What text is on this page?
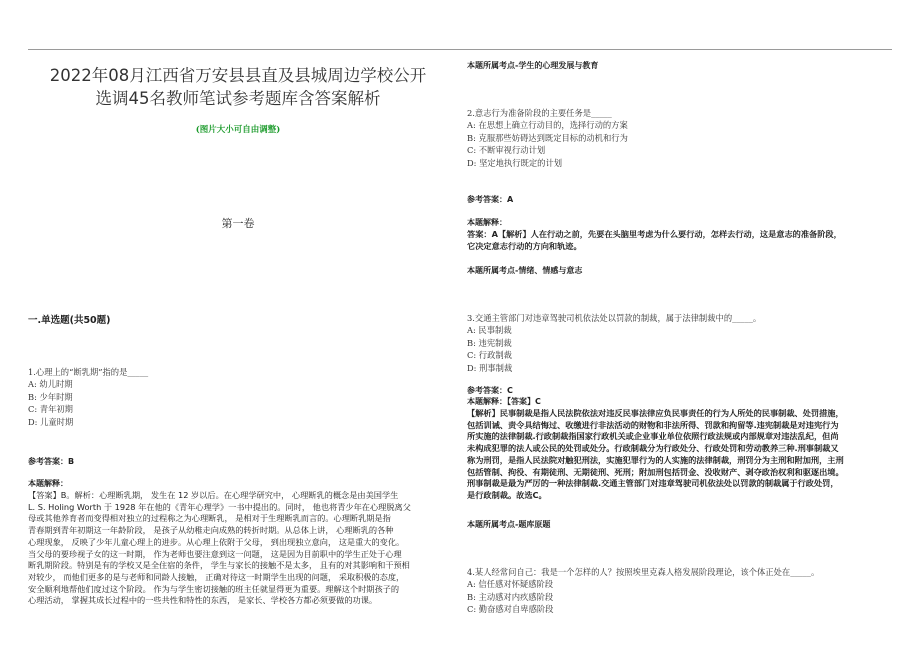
2022年08月江西省万安县县直及县城周边学校公开
选调45名教师笔试参考题库含答案解析
(图片大小可自由调整)
第一卷
一.单选题(共50题)
1.心理上的“断乳期”指的是_____
A: 幼儿时期
B: 少年时期
C: 青年初期
D: 儿童时期
参考答案：B
本题解释：

【答案】B。解析：心理断乳期， 发生在 12 岁以后。在心理学研究中， 心理断乳的概念是由美国学生

L. S. Holing Worth 于 1928 年在他的《青年心理学》一书中提出的。同时， 他也将青少年在心理脱离父

母或其他养育者而变得相对独立的过程称之为心理断乳， 是相对于生理断乳而言的。心理断乳期是指

青春期到青年初期这一年龄阶段， 是孩子从幼稚走向成熟的转折时期。从总体上讲， 心理断乳的各种

心理现象， 反映了少年儿童心理上的进步。从心理上依附于父母， 到出现独立意向， 这是重大的变化。

当父母的要珍视子女的这一时期， 作为老师也要注意到这一问题， 这是因为目前职中的学生正处于心理

断乳期阶段。特别是有的学校又是全住宿的条件， 学生与家长的接触不是太多， 且有的对其影响和干预相

对较少， 而他们更多的是与老师和同龄人接触， 正确对待这一时期学生出现的问题， 采取积极的态度，

安全顺利地帮他们度过这个阶段。 作为与学生密切接触的班主任就显得更为重要。理解这个时期孩子的

心理活动， 掌握其成长过程中的一些共性和特性的东西， 是家长、学校各方都必须要做的功课。

本题所属考点-学生的心理发展与教育
2.意志行为准备阶段的主要任务是_____
A: 在思想上确立行动目的，选择行动的方案
B: 克服那些妨碍达到既定目标的动机和行为
C: 不断审视行动计划
D: 坚定地执行既定的计划
参考答案：A
本题解释：

答案：A【解析】人在行动之前，先要在头脑里考虑为什么要行动，怎样去行动，这是意志的准备阶段，

它决定意志行动的方向和轨迹。

本题所属考点-情绪、情感与意志
3.交通主管部门对违章驾驶司机依法处以罚款的制裁，属于法律制裁中的_____。
A: 民事制裁
B: 违宪制裁
C: 行政制裁
D: 刑事制裁
参考答案：C
本题解释：【答案】C

【解析】民事制裁是指人民法院依法对违反民事法律应负民事责任的行为人所处的民事制裁、处罚措施，

包括训诫、责令具结悔过、收缴进行非法活动的财物和非法所得、罚款和拘留等.违宪制裁是对违宪行为

所实施的法律制裁.行政制裁指国家行政机关或企业事业单位依照行政法规或内部规章对违法乱纪，但尚

未构成犯罪的法人或公民的处罚或处分。行政制裁分为行政处分、行政处罚和劳动教养三种.刑事制裁又

称为刑罚，是指人民法院对触犯刑法，实施犯罪行为的人实施的法律制裁，刑罚分为主刑和附加刑，主刑

包括管制、拘役、有期徒刑、无期徒刑、死刑；附加刑包括罚金、没收财产、剥夺政治权利和驱逐出境。

刑事制裁是最为严厉的一种法律制裁.交通主管部门对违章驾驶司机依法处以罚款的制裁属于行政处罚，

是行政制裁。故选C。

本题所属考点-题库原题
4.某人经常问自己：我是一个怎样的人？按照埃里克森人格发展阶段理论，该个体正处在_____。
A: 信任感对怀疑感阶段
B: 主动感对内疚感阶段
C: 勤奋感对自卑感阶段
